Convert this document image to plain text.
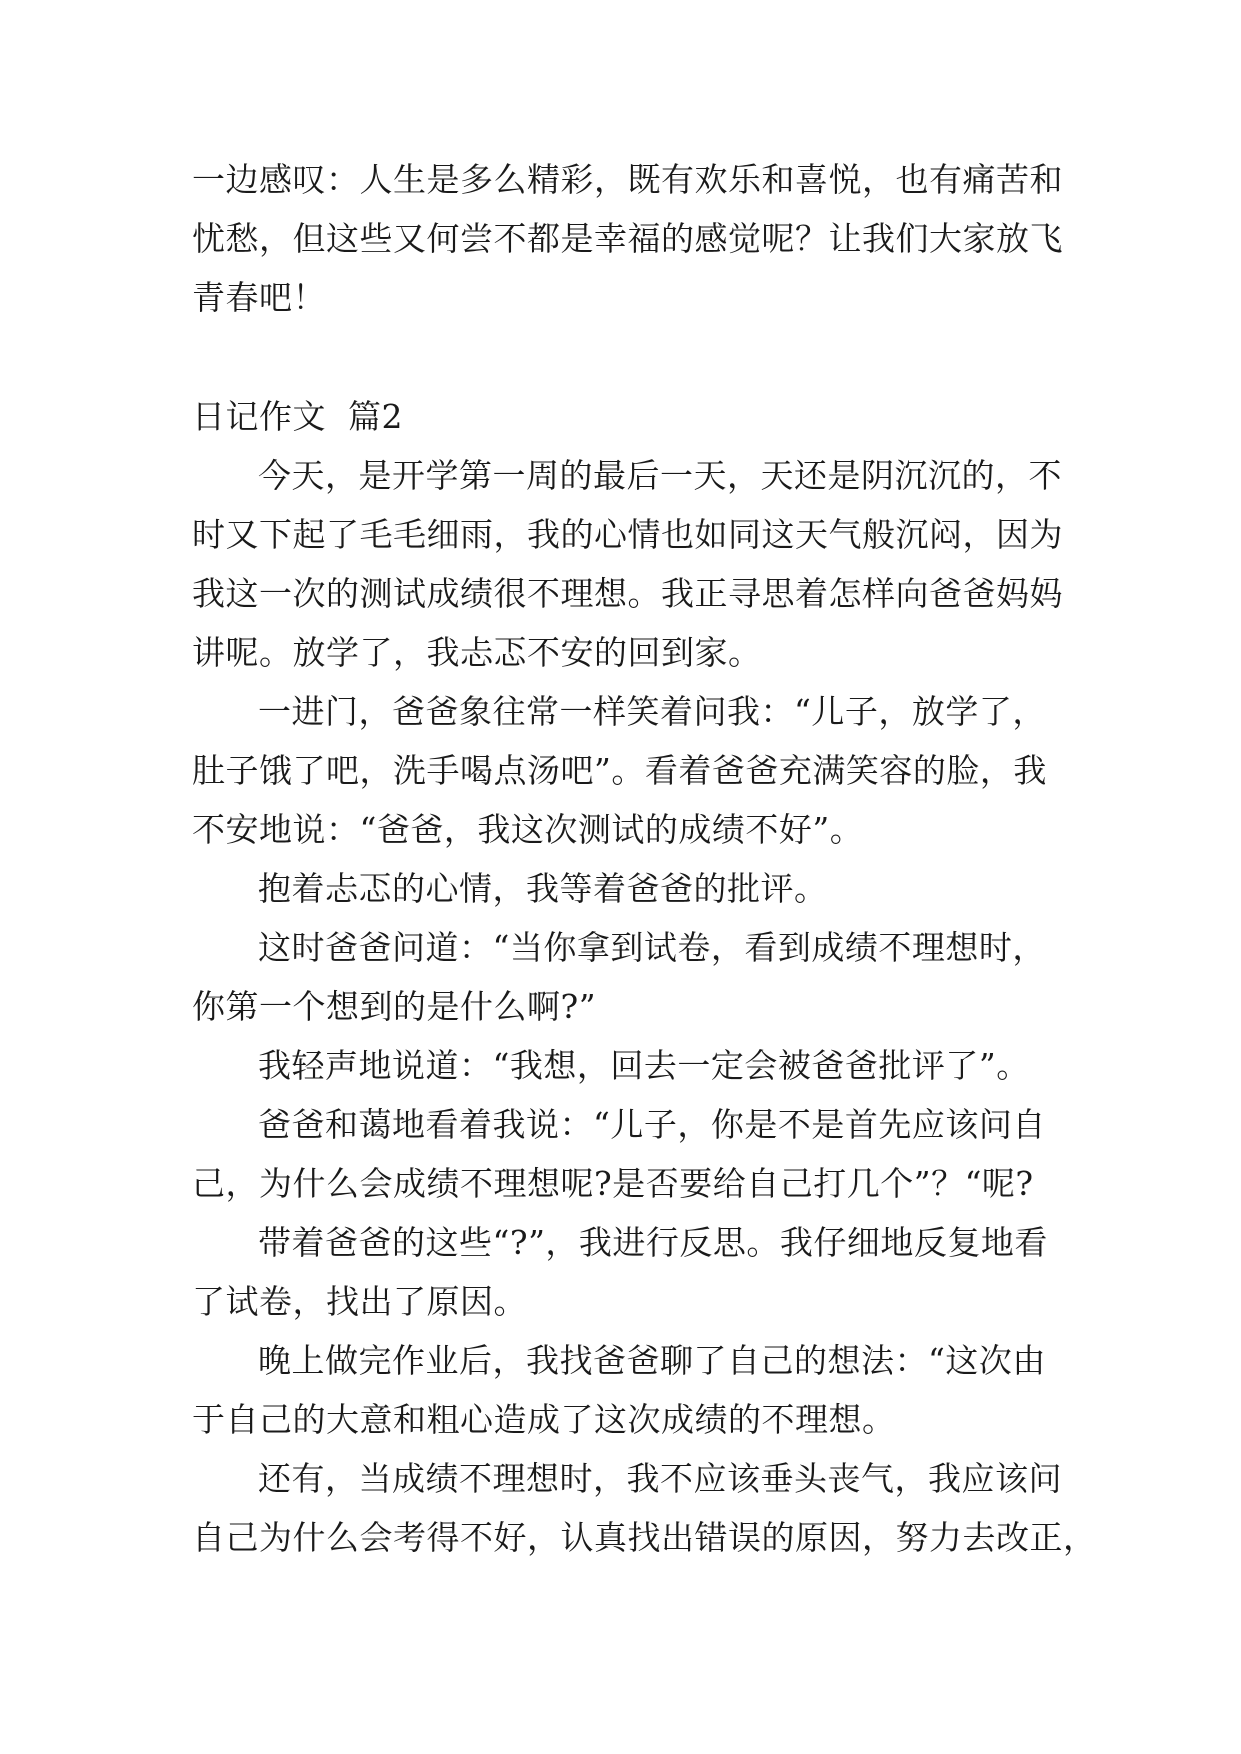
一边感叹：人生是多么精彩，既有欢乐和喜悦，也有痛苦和
忧愁，但这些又何尝不都是幸福的感觉呢？让我们大家放飞
青春吧！
日记作文  篇2
今天，是开学第一周的最后一天，天还是阴沉沉的，不
时又下起了毛毛细雨，我的心情也如同这天气般沉闷，因为
我这一次的测试成绩很不理想。我正寻思着怎样向爸爸妈妈
讲呢。放学了，我忐忑不安的回到家。
一进门，爸爸象往常一样笑着问我：“儿子，放学了，
肚子饿了吧，洗手喝点汤吧”。看着爸爸充满笑容的脸，我
不安地说：“爸爸，我这次测试的成绩不好”。
抱着忐忑的心情，我等着爸爸的批评。
这时爸爸问道：“当你拿到试卷，看到成绩不理想时，
你第一个想到的是什么啊?”
我轻声地说道：“我想，回去一定会被爸爸批评了”。
爸爸和蔼地看着我说：“儿子，你是不是首先应该问自
己，为什么会成绩不理想呢?是否要给自己打几个”？“呢?
带着爸爸的这些“?”，我进行反思。我仔细地反复地看
了试卷，找出了原因。
晚上做完作业后，我找爸爸聊了自己的想法：“这次由
于自己的大意和粗心造成了这次成绩的不理想。
还有，当成绩不理想时，我不应该垂头丧气，我应该问
自己为什么会考得不好，认真找出错误的原因，努力去改正，
